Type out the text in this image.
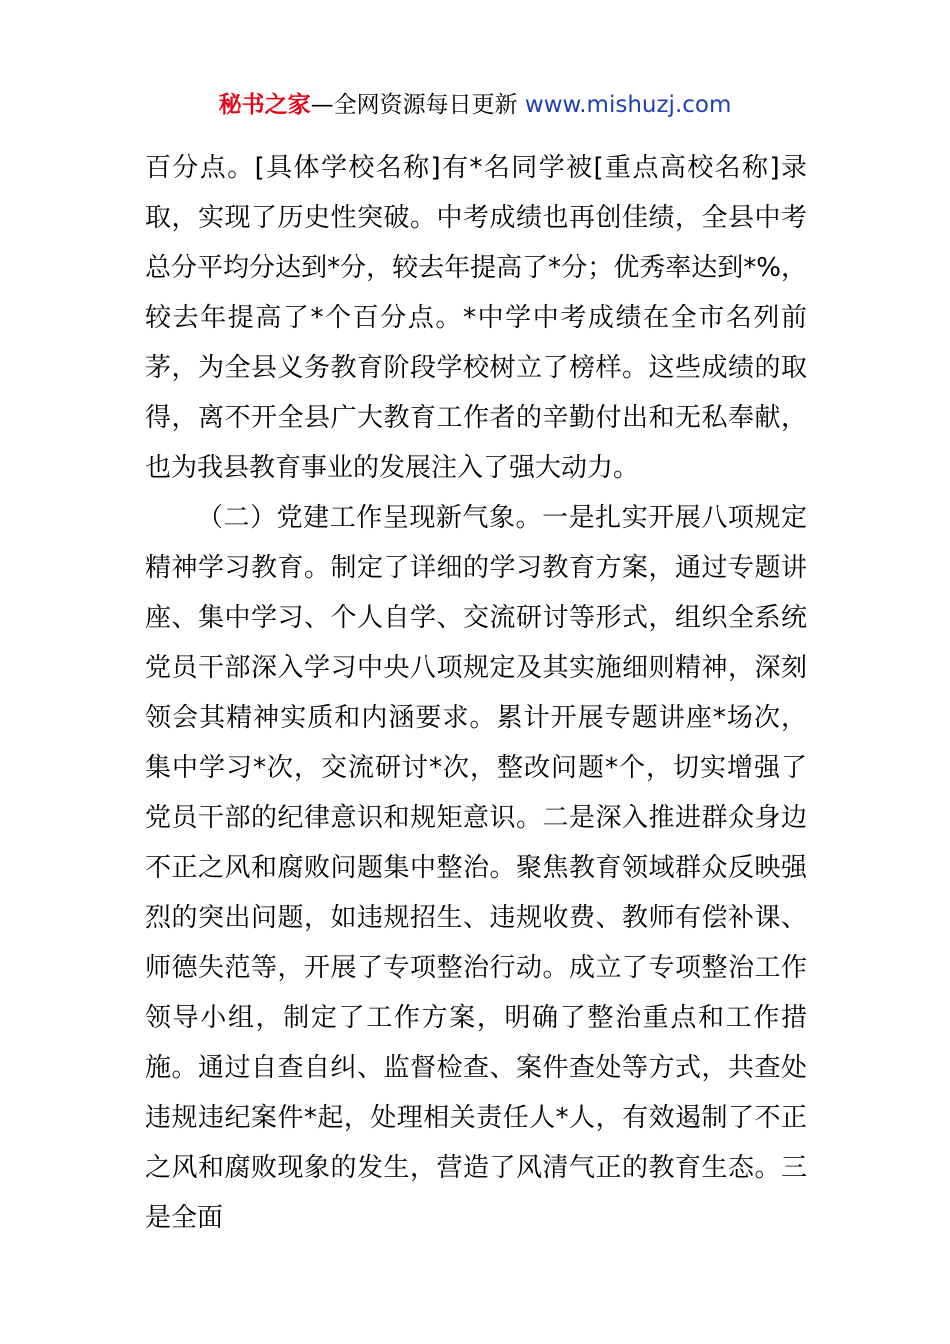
秘书之家—全网资源每日更新 www.mishuzj.com

百分点。[具体学校名称]有*名同学被[重点高校名称]录取，实现了历史性突破。中考成绩也再创佳绩，全县中考总分平均分达到*分，较去年提高了*分；优秀率达到*%，较去年提高了*个百分点。*中学中考成绩在全市名列前茅，为全县义务教育阶段学校树立了榜样。这些成绩的取得，离不开全县广大教育工作者的辛勤付出和无私奉献，也为我县教育事业的发展注入了强大动力。

（二）党建工作呈现新气象。一是扎实开展八项规定精神学习教育。制定了详细的学习教育方案，通过专题讲座、集中学习、个人自学、交流研讨等形式，组织全系统党员干部深入学习中央八项规定及其实施细则精神，深刻领会其精神实质和内涵要求。累计开展专题讲座*场次，集中学习*次，交流研讨*次，整改问题*个，切实增强了党员干部的纪律意识和规矩意识。二是深入推进群众身边不正之风和腐败问题集中整治。聚焦教育领域群众反映强烈的突出问题，如违规招生、违规收费、教师有偿补课、师德失范等，开展了专项整治行动。成立了专项整治工作领导小组，制定了工作方案，明确了整治重点和工作措施。通过自查自纠、监督检查、案件查处等方式，共查处违规违纪案件*起，处理相关责任人*人，有效遏制了不正之风和腐败现象的发生，营造了风清气正的教育生态。三是全面
